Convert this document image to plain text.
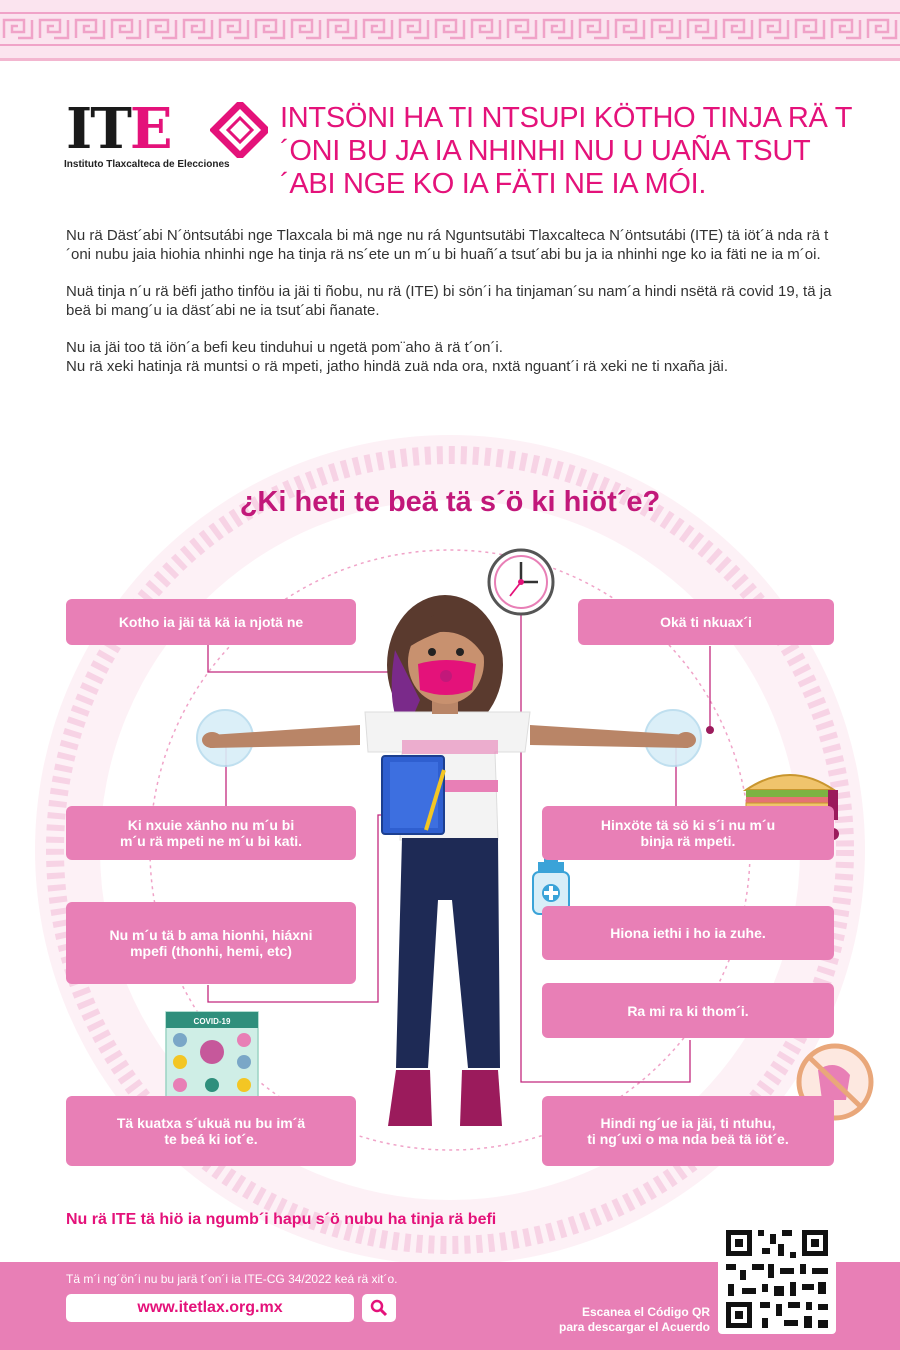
ITE
Instituto Tlaxcalteca de Elecciones
INTSÖNI HA TI NTSUPI KÖTHO TINJA RÄ T´ONI BU JA IA NHINHI NU U UAÑA TSUT´ABI NGE KO IA FÄTI NE IA MÓI.

Nu rä Däst´abi N´öntsutábi nge Tlaxcala bi mä nge nu rá Nguntsutäbi Tlaxcalteca N´öntsutábi (ITE) tä iöt´ä nda rä t´oni nubu jaia hiohia nhinhi nge ha tinja rä ns´ete un m´u bi huañ´a tsut´abi bu ja ia nhinhi nge ko ia fäti ne ia m´oi.

Nuä tinja n´u rä bëfi jatho tinföu ia jäi ti ñobu, nu rä (ITE) bi sön´i ha tinjaman´su nam´a hindi nsëtä rä covid 19, tä ja beä bi mang´u ia däst´abi ne ia tsut´abi ñanate.

Nu ia jäi too tä iön´a befi keu tinduhui u ngetä pom¨aho ä rä t´on´i.
Nu rä xeki hatinja rä muntsi o rä mpeti, jatho hindä zuä nda ora, nxtä nguant´i rä xeki ne ti nxaña jäi.
¿Ki heti te beä tä s´ö ki hiöt´e?
COVID-19
Kotho ia jäi tä kä ia njotä ne
Ki nxuie xänho nu m´u bi
m´u rä mpeti ne m´u bi kati.
Nu m´u tä b ama hionhi, hiáxni
mpefi (thonhi, hemi, etc)
Tä kuatxa s´ukuä nu bu im´ä
te beá ki iot´e.
Okä ti nkuax´i
Hinxöte tä sö ki s´i nu m´u
binja rä mpeti.
Hiona iethi i ho ia zuhe.
Ra mi ra ki thom´i.
Hindi ng´ue ia jäi, ti ntuhu,
ti ng´uxi o ma nda beä tä iöt´e.
Nu rä ITE tä hiö ia ngumb´i hapu s´ö nubu ha tinja rä befi
Tä m´i ng´ön´i nu bu jarä t´on´i ia ITE-CG 34/2022 keá rä xit´o.
www.itetlax.org.mx	Escanea el Código QR
para descargar el Acuerdo
